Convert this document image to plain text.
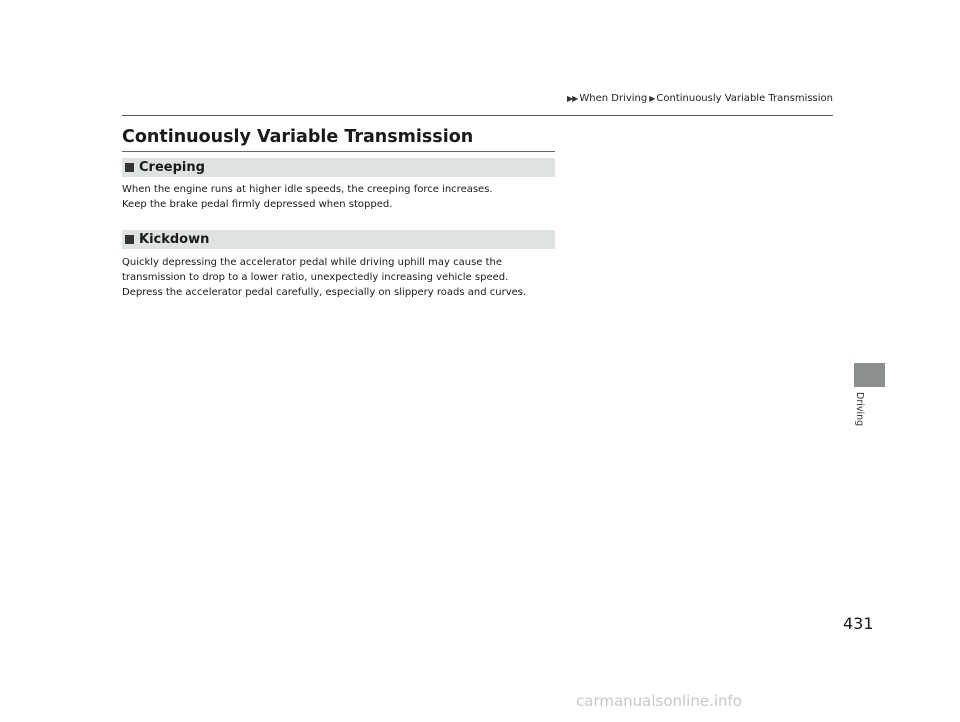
▶▶ When Driving ▶ Continuously Variable Transmission
Continuously Variable Transmission
Creeping
When the engine runs at higher idle speeds, the creeping force increases.
Keep the brake pedal firmly depressed when stopped.
Kickdown
Quickly depressing the accelerator pedal while driving uphill may cause the
transmission to drop to a lower ratio, unexpectedly increasing vehicle speed.
Depress the accelerator pedal carefully, especially on slippery roads and curves.
Driving
431
carmanualsonline.info
